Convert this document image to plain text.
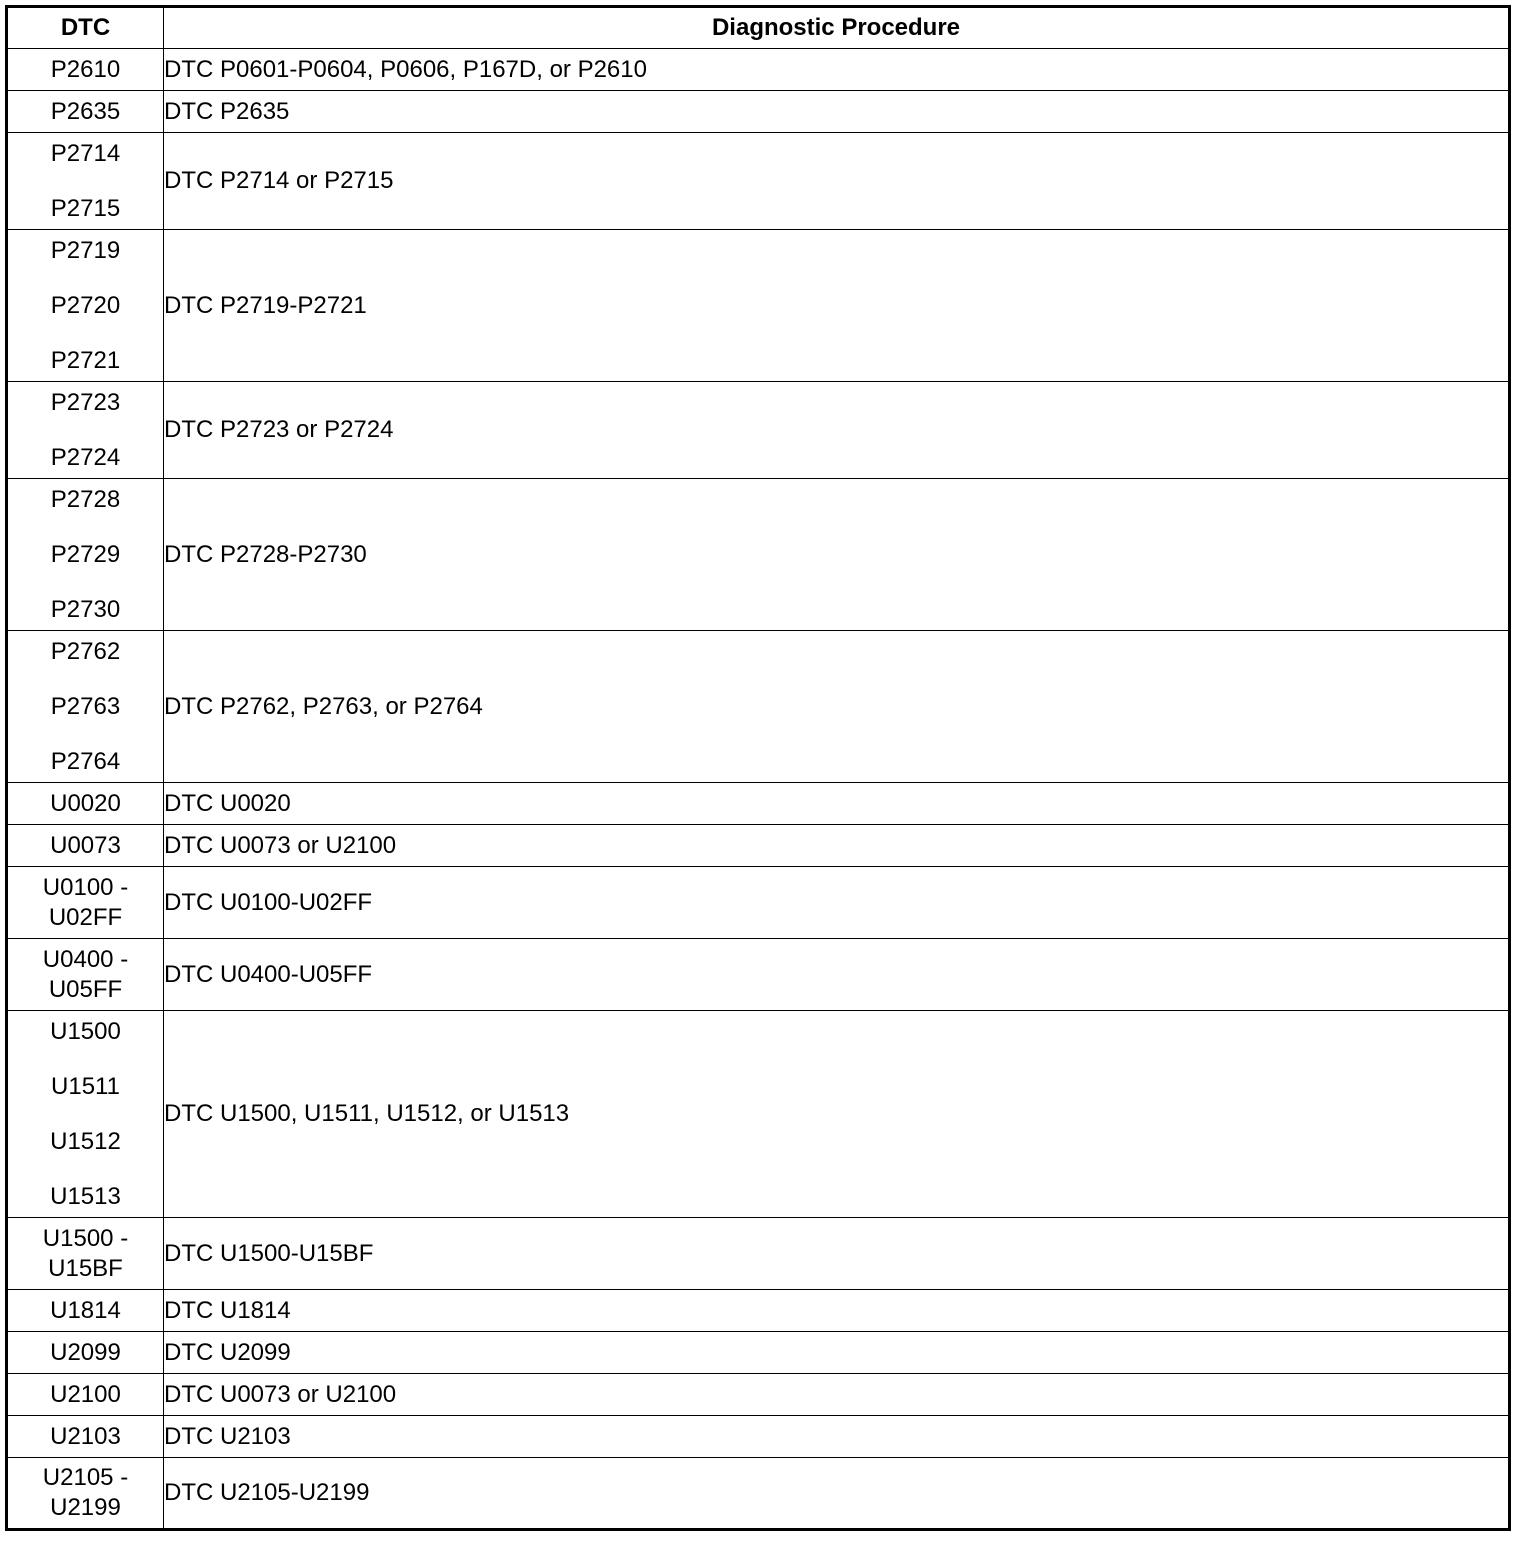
DTC	Diagnostic Procedure

P2610	DTC P0601-P0604, P0606, P167D, or P2610

P2635	DTC P2635

P2714
P2715	DTC P2714 or P2715

P2719
P2720
P2721	DTC P2719-P2721

P2723
P2724	DTC P2723 or P2724

P2728
P2729
P2730	DTC P2728-P2730

P2762
P2763
P2764	DTC P2762, P2763, or P2764

U0020	DTC U0020

U0073	DTC U0073 or U2100

U0100 -
U02FF	DTC U0100-U02FF

U0400 -
U05FF	DTC U0400-U05FF

U1500
U1511
U1512
U1513	DTC U1500, U1511, U1512, or U1513

U1500 -
U15BF	DTC U1500-U15BF

U1814	DTC U1814

U2099	DTC U2099

U2100	DTC U0073 or U2100

U2103	DTC U2103

U2105 -
U2199	DTC U2105-U2199
